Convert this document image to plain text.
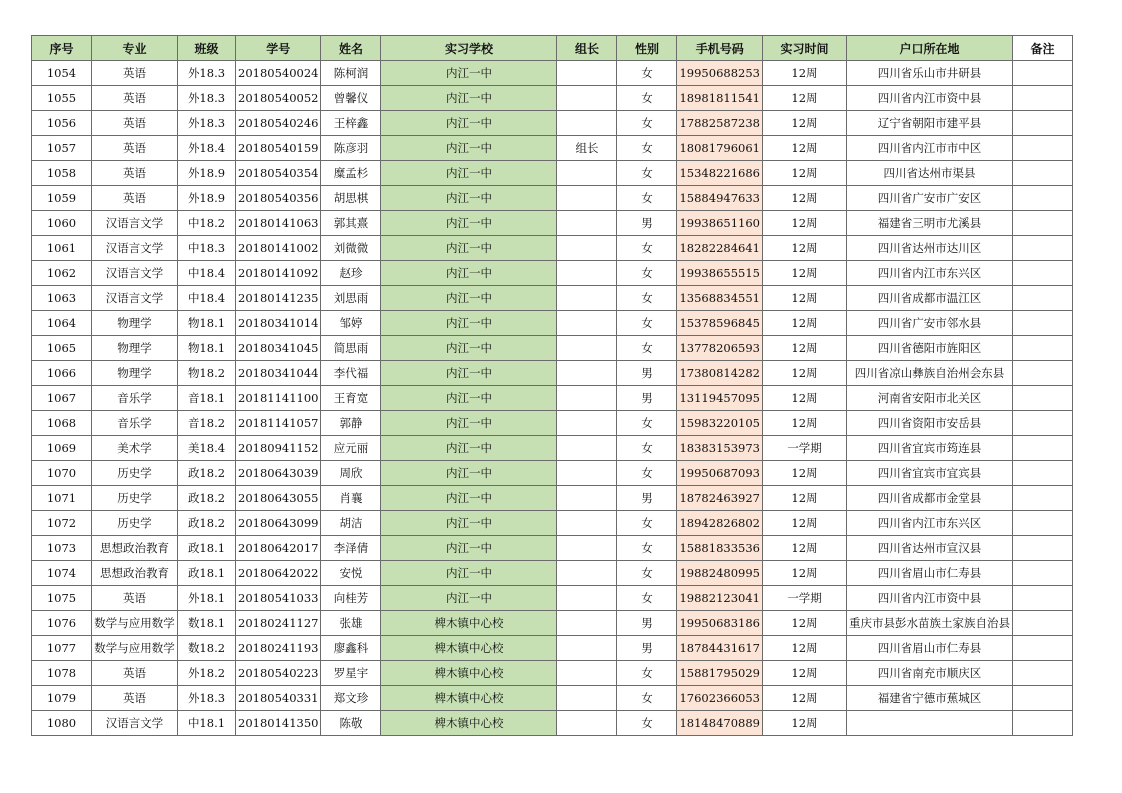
序号	专业	班级	学号	姓名	实习学校	组长	性别	手机号码	实习时间	户口所在地	备注
1054	英语	外18.3	20180540024	陈柯润	内江一中		女	19950688253	12周	四川省乐山市井研县	
1055	英语	外18.3	20180540052	曾馨仪	内江一中		女	18981811541	12周	四川省内江市资中县	
1056	英语	外18.3	20180540246	王梓鑫	内江一中		女	17882587238	12周	辽宁省朝阳市建平县	
1057	英语	外18.4	20180540159	陈彦羽	内江一中	组长	女	18081796061	12周	四川省内江市市中区	
1058	英语	外18.9	20180540354	糜孟杉	内江一中		女	15348221686	12周	四川省达州市渠县	
1059	英语	外18.9	20180540356	胡思棋	内江一中		女	15884947633	12周	四川省广安市广安区	
1060	汉语言文学	中18.2	20180141063	郭其熹	内江一中		男	19938651160	12周	福建省三明市尤溪县	
1061	汉语言文学	中18.3	20180141002	刘微微	内江一中		女	18282284641	12周	四川省达州市达川区	
1062	汉语言文学	中18.4	20180141092	赵珍	内江一中		女	19938655515	12周	四川省内江市东兴区	
1063	汉语言文学	中18.4	20180141235	刘思雨	内江一中		女	13568834551	12周	四川省成都市温江区	
1064	物理学	物18.1	20180341014	邹婷	内江一中		女	15378596845	12周	四川省广安市邻水县	
1065	物理学	物18.1	20180341045	简思雨	内江一中		女	13778206593	12周	四川省德阳市旌阳区	
1066	物理学	物18.2	20180341044	李代福	内江一中		男	17380814282	12周	四川省凉山彝族自治州会东县	
1067	音乐学	音18.1	20181141100	王育宽	内江一中		男	13119457095	12周	河南省安阳市北关区	
1068	音乐学	音18.2	20181141057	郭静	内江一中		女	15983220105	12周	四川省资阳市安岳县	
1069	美术学	美18.4	20180941152	应元丽	内江一中		女	18383153973	一学期	四川省宜宾市筠连县	
1070	历史学	政18.2	20180643039	周欣	内江一中		女	19950687093	12周	四川省宜宾市宜宾县	
1071	历史学	政18.2	20180643055	肖襄	内江一中		男	18782463927	12周	四川省成都市金堂县	
1072	历史学	政18.2	20180643099	胡洁	内江一中		女	18942826802	12周	四川省内江市东兴区	
1073	思想政治教育	政18.1	20180642017	李泽倩	内江一中		女	15881833536	12周	四川省达州市宣汉县	
1074	思想政治教育	政18.1	20180642022	安悦	内江一中		女	19882480995	12周	四川省眉山市仁寿县	
1075	英语	外18.1	20180541033	向桂芳	内江一中		女	19882123041	一学期	四川省内江市资中县	
1076	数学与应用数学	数18.1	20180241127	张雄	椑木镇中心校		男	19950683186	12周	重庆市县彭水苗族土家族自治县	
1077	数学与应用数学	数18.2	20180241193	廖鑫科	椑木镇中心校		男	18784431617	12周	四川省眉山市仁寿县	
1078	英语	外18.2	20180540223	罗星宇	椑木镇中心校		女	15881795029	12周	四川省南充市顺庆区	
1079	英语	外18.3	20180540331	郑文珍	椑木镇中心校		女	17602366053	12周	福建省宁德市蕉城区	
1080	汉语言文学	中18.1	20180141350	陈敬	椑木镇中心校		女	18148470889	12周		
